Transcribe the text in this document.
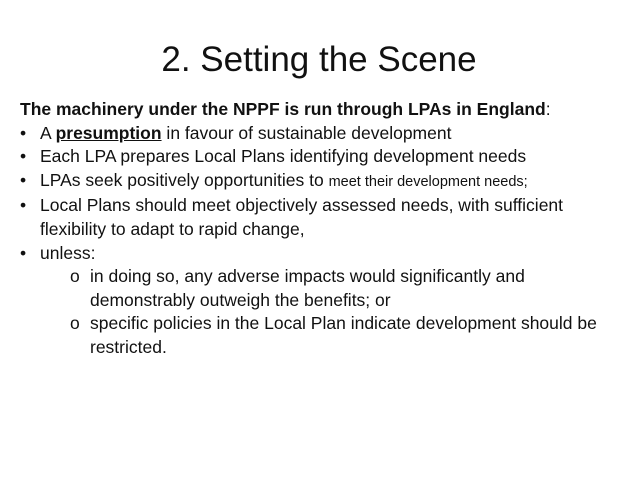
2. Setting the Scene

The machinery under the NPPF is run through LPAs in England:

• A presumption in favour of sustainable development
• Each LPA prepares Local Plans identifying development needs
• LPAs seek positively opportunities to meet their development needs;
• Local Plans should meet objectively assessed needs, with sufficient flexibility to adapt to rapid change,
• unless:
o in doing so, any adverse impacts would significantly and demonstrably outweigh the benefits; or
o specific policies in the Local Plan indicate development should be restricted.
